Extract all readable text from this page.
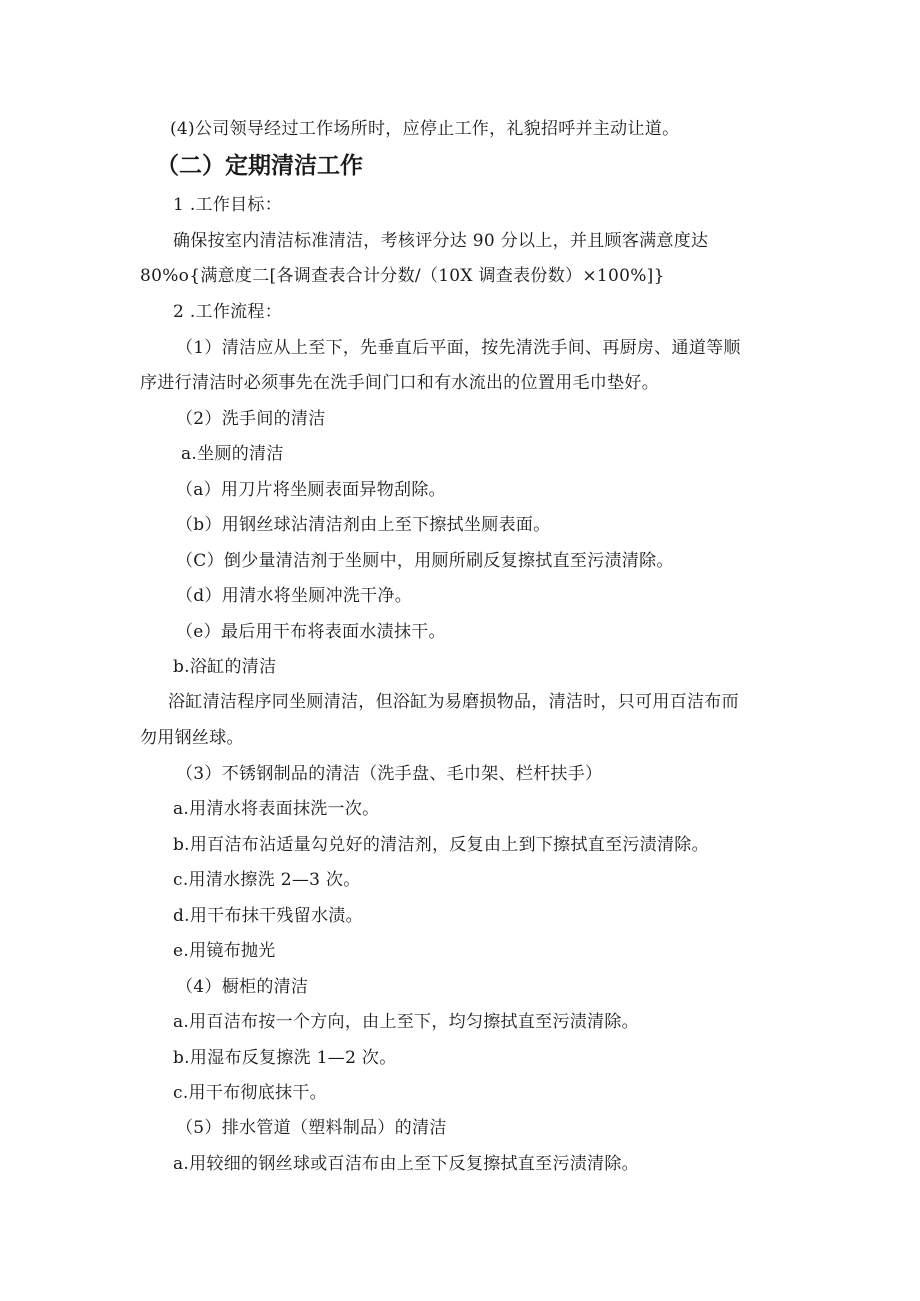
(4)公司领导经过工作场所时，应停止工作，礼貌招呼并主动让道。
（二）定期清洁工作
1 .工作目标：
确保按室内清洁标准清洁，考核评分达 90 分以上，并且顾客满意度达
80%o{满意度二[各调查表合计分数/（10X 调查表份数）×100%]}
2 .工作流程：
（1）清洁应从上至下，先垂直后平面，按先清洗手间、再厨房、通道等顺
序进行清洁时必须事先在洗手间门口和有水流出的位置用毛巾垫好。
（2）洗手间的清洁
a.坐厕的清洁
（a）用刀片将坐厕表面异物刮除。
（b）用钢丝球沾清洁剂由上至下擦拭坐厕表面。
（C）倒少量清洁剂于坐厕中，用厕所刷反复擦拭直至污渍清除。
（d）用清水将坐厕冲洗干净。
（e）最后用干布将表面水渍抹干。
b.浴缸的清洁
浴缸清洁程序同坐厕清洁，但浴缸为易磨损物品，清洁时，只可用百洁布而
勿用钢丝球。
（3）不锈钢制品的清洁（洗手盘、毛巾架、栏杆扶手）
a.用清水将表面抹洗一次。
b.用百洁布沾适量勾兑好的清洁剂，反复由上到下擦拭直至污渍清除。
c.用清水擦洗 2—3 次。
d.用干布抹干残留水渍。
e.用镜布抛光
（4）橱柜的清洁
a.用百洁布按一个方向，由上至下，均匀擦拭直至污渍清除。
b.用湿布反复擦洗 1—2 次。
c.用干布彻底抹干。
（5）排水管道（塑料制品）的清洁
a.用较细的钢丝球或百洁布由上至下反复擦拭直至污渍清除。
